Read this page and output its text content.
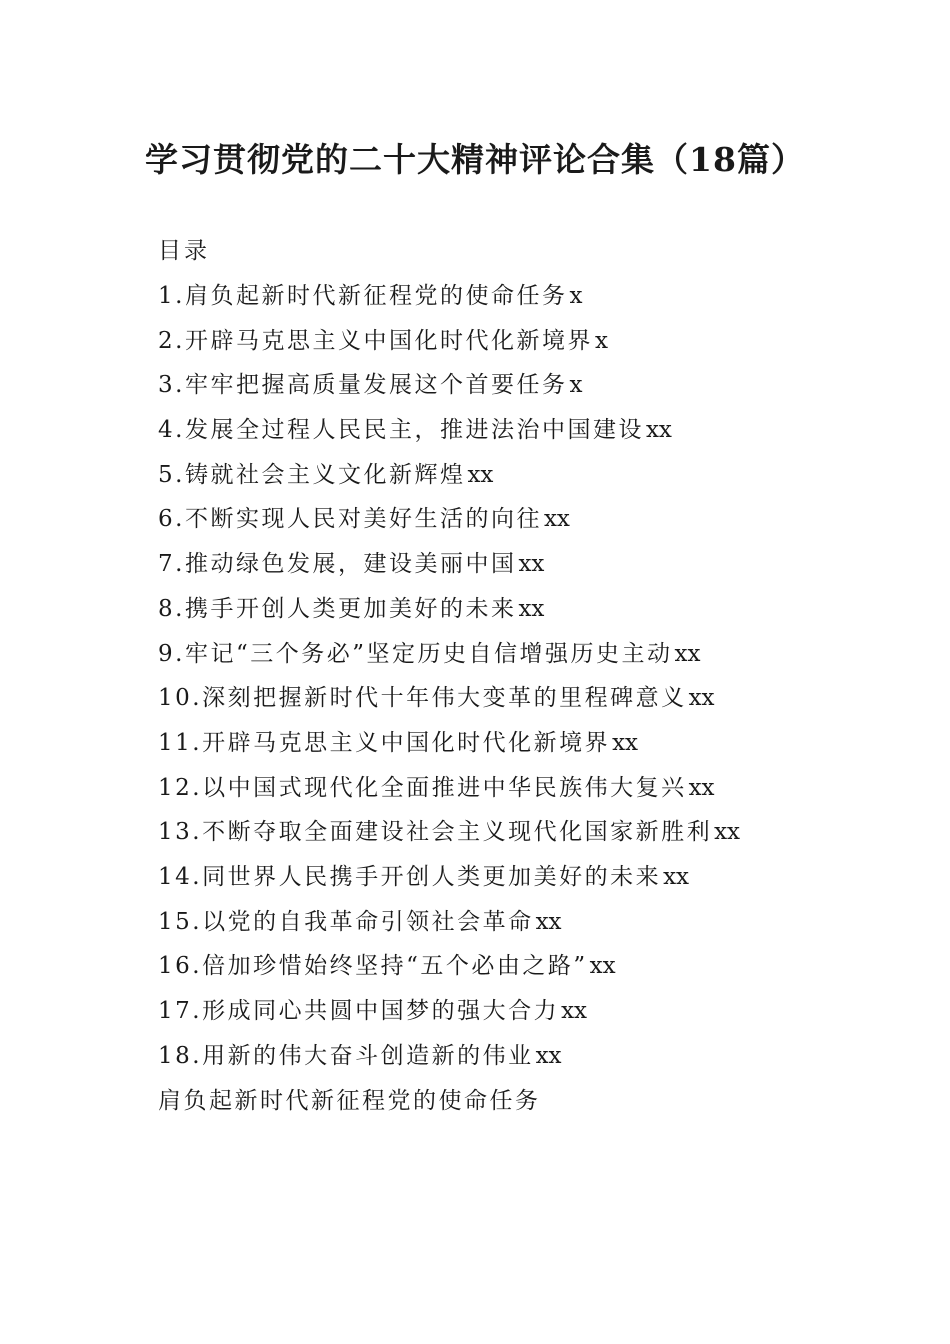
学习贯彻党的二十大精神评论合集（18篇）
目录
1.肩负起新时代新征程党的使命任务x
2.开辟马克思主义中国化时代化新境界x
3.牢牢把握高质量发展这个首要任务x
4.发展全过程人民民主，推进法治中国建设xx
5.铸就社会主义文化新辉煌xx
6.不断实现人民对美好生活的向往xx
7.推动绿色发展，建设美丽中国xx
8.携手开创人类更加美好的未来xx
9.牢记“三个务必”坚定历史自信增强历史主动xx
10.深刻把握新时代十年伟大变革的里程碑意义xx
11.开辟马克思主义中国化时代化新境界xx
12.以中国式现代化全面推进中华民族伟大复兴xx
13.不断夺取全面建设社会主义现代化国家新胜利xx
14.同世界人民携手开创人类更加美好的未来xx
15.以党的自我革命引领社会革命xx
16.倍加珍惜始终坚持“五个必由之路”xx
17.形成同心共圆中国梦的强大合力xx
18.用新的伟大奋斗创造新的伟业xx
肩负起新时代新征程党的使命任务
